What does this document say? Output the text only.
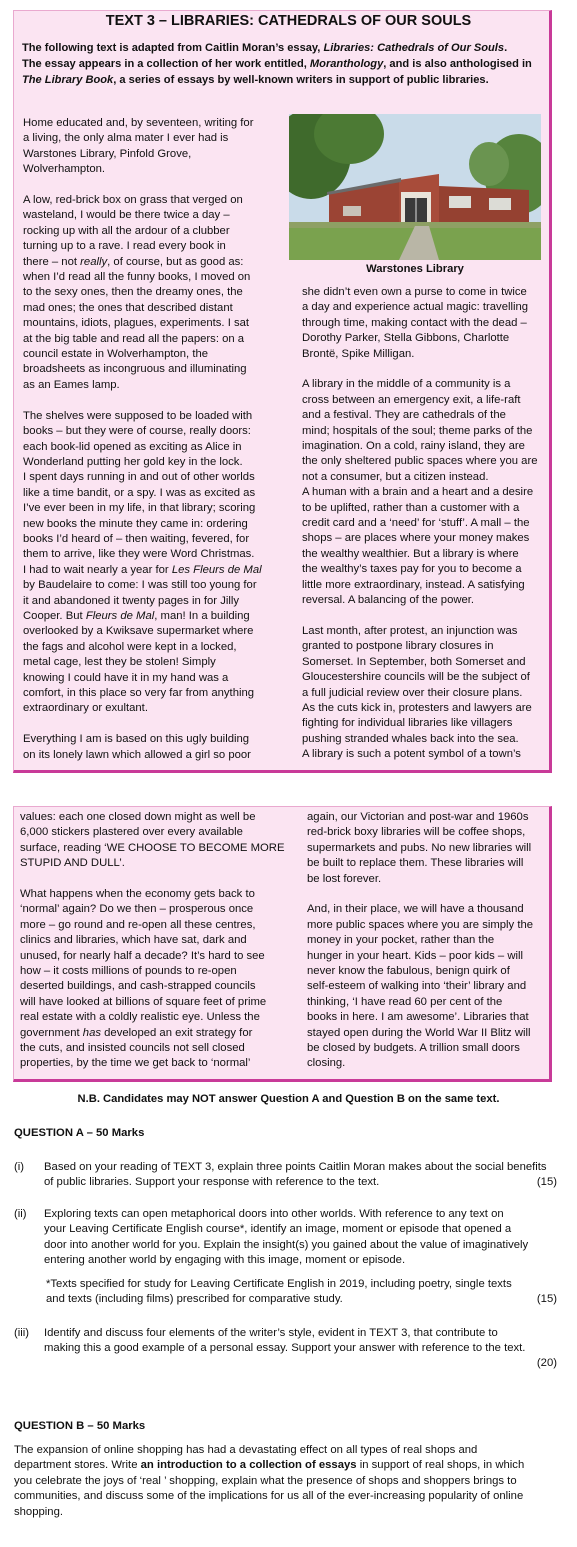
TEXT 3 – LIBRARIES: CATHEDRALS OF OUR SOULS
The following text is adapted from Caitlin Moran’s essay, Libraries: Cathedrals of Our Souls.
The essay appears in a collection of her work entitled, Moranthology, and is also anthologised in
The Library Book, a series of essays by well-known writers in support of public libraries.
Warstones Library

Home educated and, by seventeen, writing for
a living, the only alma mater I ever had is
Warstones Library, Pinfold Grove,
Wolverhampton.

A low, red-brick box on grass that verged on
wasteland, I would be there twice a day –
rocking up with all the ardour of a clubber
turning up to a rave. I read every book in
there – not really, of course, but as good as:
when I’d read all the funny books, I moved on
to the sexy ones, then the dreamy ones, the
mad ones; the ones that described distant
mountains, idiots, plagues, experiments. I sat
at the big table and read all the papers: on a
council estate in Wolverhampton, the
broadsheets as incongruous and illuminating
as an Eames lamp.

The shelves were supposed to be loaded with
books – but they were of course, really doors:
each book-lid opened as exciting as Alice in
Wonderland putting her gold key in the lock.
I spent days running in and out of other worlds
like a time bandit, or a spy. I was as excited as
I’ve ever been in my life, in that library; scoring
new books the minute they came in: ordering
books I’d heard of – then waiting, fevered, for
them to arrive, like they were Word Christmas.
I had to wait nearly a year for Les Fleurs de Mal
by Baudelaire to come: I was still too young for
it and abandoned it twenty pages in for Jilly
Cooper. But Fleurs de Mal, man! In a building
overlooked by a Kwiksave supermarket where
the fags and alcohol were kept in a locked,
metal cage, lest they be stolen! Simply
knowing I could have it in my hand was a
comfort, in this place so very far from anything
extraordinary or exultant.

Everything I am is based on this ugly building
on its lonely lawn which allowed a girl so poor

she didn’t even own a purse to come in twice
a day and experience actual magic: travelling
through time, making contact with the dead –
Dorothy Parker, Stella Gibbons, Charlotte
Brontë, Spike Milligan.

A library in the middle of a community is a
cross between an emergency exit, a life-raft
and a festival. They are cathedrals of the
mind; hospitals of the soul; theme parks of the
imagination. On a cold, rainy island, they are
the only sheltered public spaces where you are
not a consumer, but a citizen instead.
A human with a brain and a heart and a desire
to be uplifted, rather than a customer with a
credit card and a ‘need’ for ‘stuff’. A mall – the
shops – are places where your money makes
the wealthy wealthier. But a library is where
the wealthy’s taxes pay for you to become a
little more extraordinary, instead. A satisfying
reversal. A balancing of the power.

Last month, after protest, an injunction was
granted to postpone library closures in
Somerset. In September, both Somerset and
Gloucestershire councils will be the subject of
a full judicial review over their closure plans.
As the cuts kick in, protesters and lawyers are
fighting for individual libraries like villagers
pushing stranded whales back into the sea.
A library is such a potent symbol of a town’s

values: each one closed down might as well be
6,000 stickers plastered over every available
surface, reading ‘WE CHOOSE TO BECOME MORE
STUPID AND DULL’.

What happens when the economy gets back to
‘normal’ again? Do we then – prosperous once
more – go round and re-open all these centres,
clinics and libraries, which have sat, dark and
unused, for nearly half a decade? It’s hard to see
how – it costs millions of pounds to re-open
deserted buildings, and cash-strapped councils
will have looked at billions of square feet of prime
real estate with a coldly realistic eye. Unless the
government has developed an exit strategy for
the cuts, and insisted councils not sell closed
properties, by the time we get back to ‘normal’

again, our Victorian and post-war and 1960s
red-brick boxy libraries will be coffee shops,
supermarkets and pubs. No new libraries will
be built to replace them. These libraries will
be lost forever.

And, in their place, we will have a thousand
more public spaces where you are simply the
money in your pocket, rather than the
hunger in your heart. Kids – poor kids – will
never know the fabulous, benign quirk of
self-esteem of walking into ‘their’ library and
thinking, ‘I have read 60 per cent of the
books in here. I am awesome’. Libraries that
stayed open during the World War II Blitz will
be closed by budgets. A trillion small doors
closing.

N.B. Candidates may NOT answer Question A and Question B on the same text.
QUESTION A – 50 Marks
(i) Based on your reading of TEXT 3, explain three points Caitlin Moran makes about the social benefits
of public libraries. Support your response with reference to the text.	(15)
(ii) Exploring texts can open metaphorical doors into other worlds. With reference to any text on
your Leaving Certificate English course*, identify an image, moment or episode that opened a
door into another world for you. Explain the insight(s) you gained about the value of imaginatively
entering another world by engaging with this image, moment or episode.
*Texts specified for study for Leaving Certificate English in 2019, including poetry, single texts
and texts (including films) prescribed for comparative study.	(15)
(iii) Identify and discuss four elements of the writer’s style, evident in TEXT 3, that contribute to
making this a good example of a personal essay. Support your answer with reference to the text.
(20)
QUESTION B – 50 Marks
The expansion of online shopping has had a devastating effect on all types of real shops and
department stores. Write an introduction to a collection of essays in support of real shops, in which
you celebrate the joys of ‘real ’ shopping, explain what the presence of shops and shoppers brings to
communities, and discuss some of the implications for us all of the ever-increasing popularity of online
shopping.
